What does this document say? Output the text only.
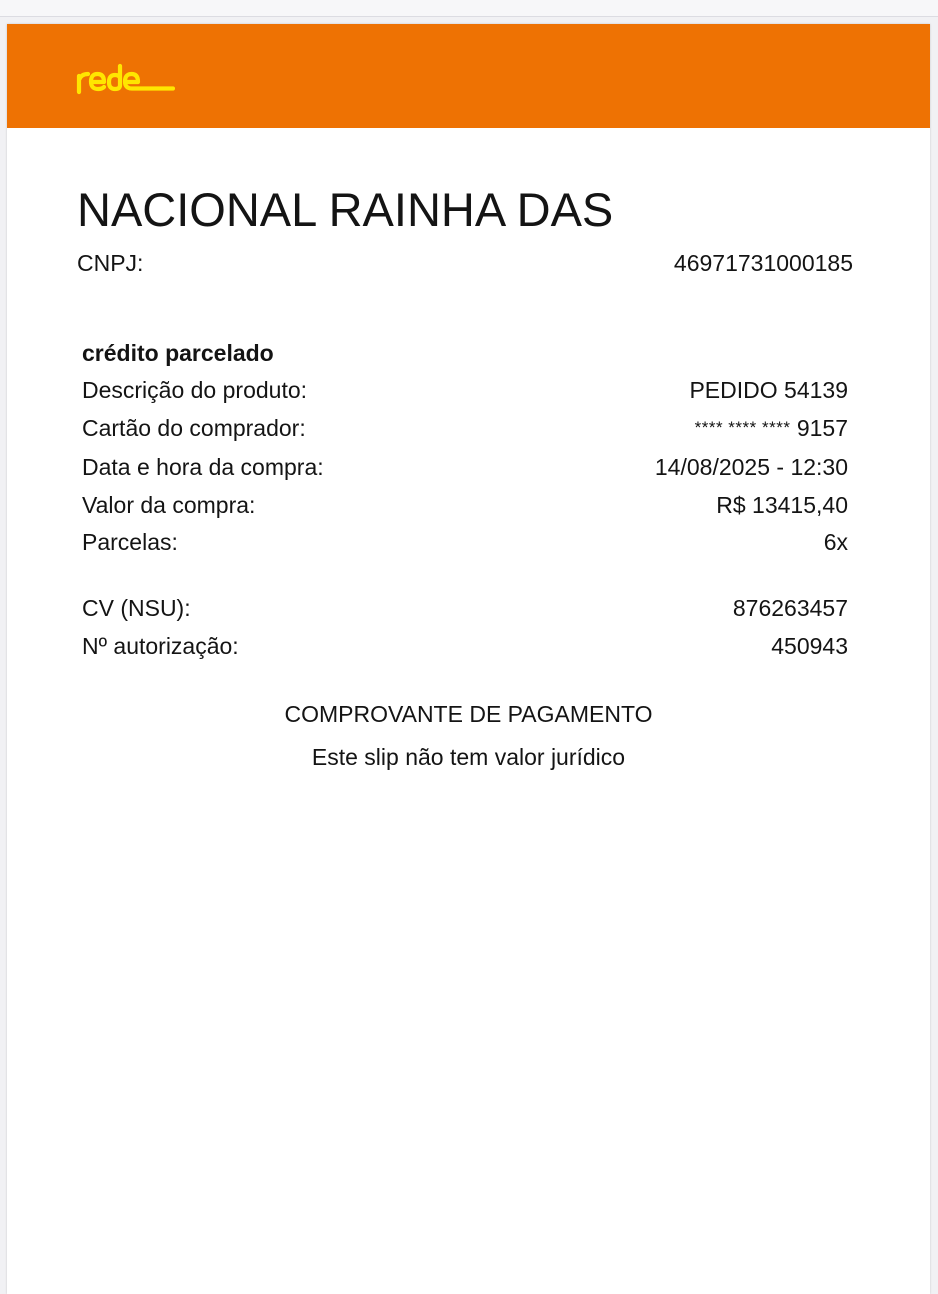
NACIONAL RAINHA DAS
CNPJ:	46971731000185
crédito parcelado
Descrição do produto:	PEDIDO 54139
Cartão do comprador:	**** **** **** 9157
Data e hora da compra:	14/08/2025 - 12:30
Valor da compra:	R$ 13415,40
Parcelas:	6x
CV (NSU):	876263457
Nº autorização:	450943
COMPROVANTE DE PAGAMENTO
Este slip não tem valor jurídico
